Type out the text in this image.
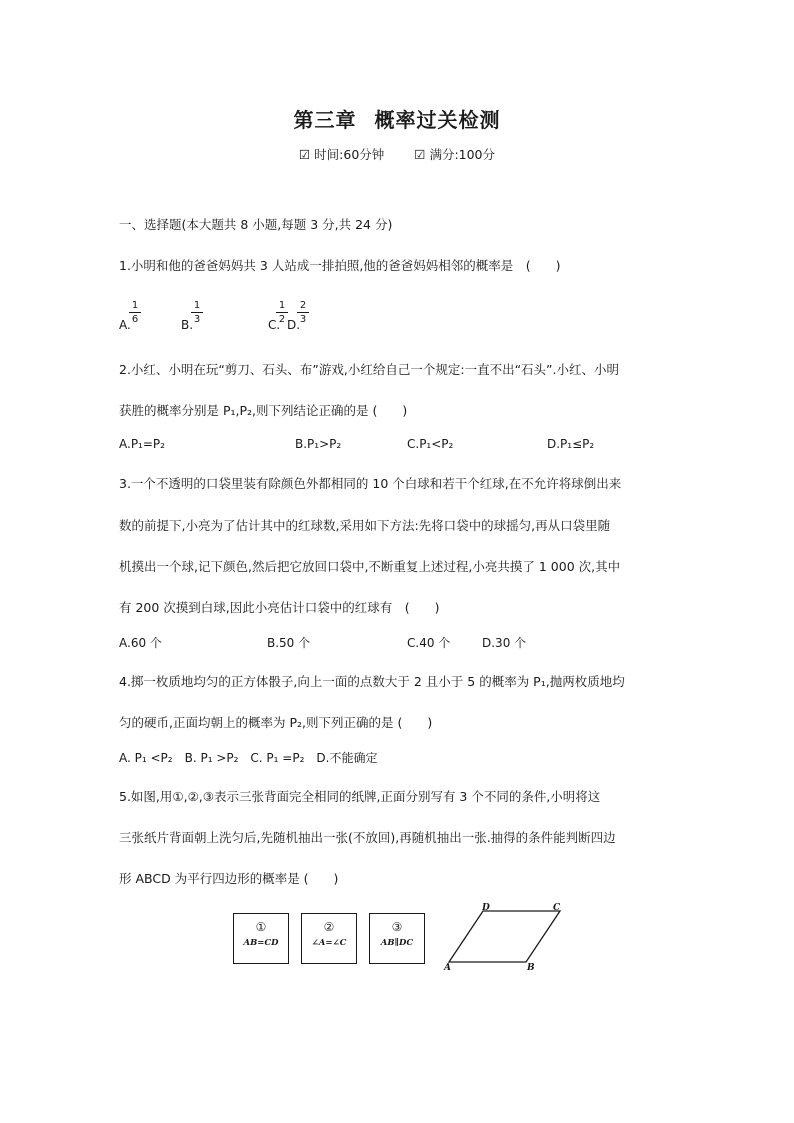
第三章 概率过关检测
☑ 时间:60分钟 ☑ 满分:100分
一、选择题(本大题共 8 小题,每题 3 分,共 24 分)
1.小明和他的爸爸妈妈共 3 人站成一排拍照,他的爸爸妈妈相邻的概率是　(　　)
A.
1
6	B.
1
3	C.
1
2 D.
2
3
2.小红、小明在玩“剪刀、石头、布”游戏,小红给自己一个规定:一直不出“石头”.小红、小明
获胜的概率分别是 P₁,P₂,则下列结论正确的是 (　　)
A.P₁=P₂	B.P₁>P₂	C.P₁<P₂	D.P₁≤P₂
3.一个不透明的口袋里装有除颜色外都相同的 10 个白球和若干个红球,在不允许将球倒出来
数的前提下,小亮为了估计其中的红球数,采用如下方法:先将口袋中的球摇匀,再从口袋里随
机摸出一个球,记下颜色,然后把它放回口袋中,不断重复上述过程,小亮共摸了 1 000 次,其中
有 200 次摸到白球,因此小亮估计口袋中的红球有　(　　)
A.60 个	B.50 个	C.40 个	D.30 个
4.掷一枚质地均匀的正方体骰子,向上一面的点数大于 2 且小于 5 的概率为 P₁,抛两枚质地均
匀的硬币,正面均朝上的概率为 P₂,则下列正确的是 (　　)
A. P₁ <P₂　B. P₁ >P₂　C. P₁ =P₂　D.不能确定
5.如图,用①,②,③表示三张背面完全相同的纸牌,正面分别写有 3 个不同的条件,小明将这
三张纸片背面朝上洗匀后,先随机抽出一张(不放回),再随机抽出一张.抽得的条件能判断四边
形 ABCD 为平行四边形的概率是 (　　)
①
AB=CD
②
∠A=∠C
③
AB∥DC
A	B
C
D
